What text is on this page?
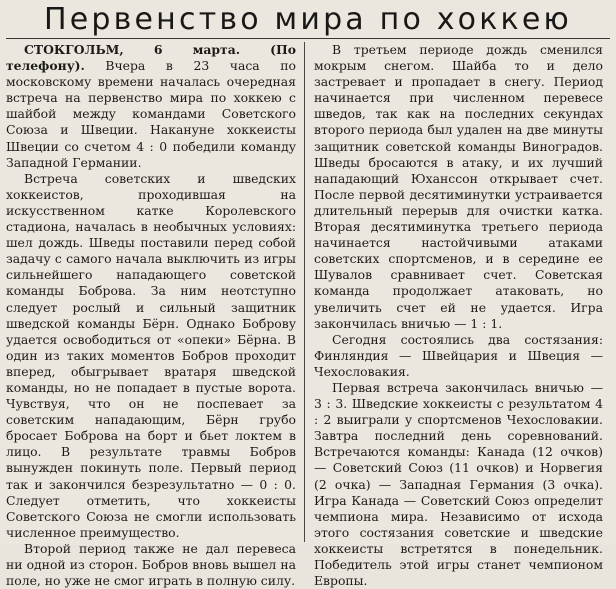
Первенство мира по хоккею

СТОКГОЛЬМ, 6 марта. (По телефону). Вчера в 23 часа по московскому времени началась очередная встреча на первенство мира по хоккею с шайбой между командами Советского Союза и Швеции. Накануне хоккеисты Швеции со счетом 4 : 0 победили команду Западной Германии.

Встреча советских и шведских хоккеистов, проходившая на искусственном катке Королевского стадиона, началась в необычных условиях: шел дождь. Шведы поставили перед собой задачу с самого начала выключить из игры сильнейшего нападающего советской команды Боброва. За ним неотступно следует рослый и сильный защитник шведской команды Бёрн. Однако Боброву удается освободиться от «опеки» Бёрна. В один из таких моментов Бобров проходит вперед, обыгрывает вратаря шведской команды, но не попадает в пустые ворота. Чувствуя, что он не поспевает за советским нападающим, Бёрн грубо бросает Боброва на борт и бьет локтем в лицо. В результате травмы Бобров вынужден покинуть поле. Первый период так и закончился безрезультатно — 0 : 0. Следует отметить, что хоккеисты Советского Союза не смогли использовать численное преимущество.

Второй период также не дал перевеса ни одной из сторон. Бобров вновь вышел на поле, но уже не смог играть в полную силу.

В третьем периоде дождь сменился мокрым снегом. Шайба то и дело застревает и пропадает в снегу. Период начинается при численном перевесе шведов, так как на последних секундах второго периода был удален на две минуты защитник советской команды Виноградов. Шведы бросаются в атаку, и их лучший нападающий Юханссон открывает счет. После первой десятиминутки устраивается длительный перерыв для очистки катка. Вторая десятиминутка третьего периода начинается настойчивыми атаками советских спортсменов, и в середине ее Шувалов сравнивает счет. Советская команда продолжает атаковать, но увеличить счет ей не удается. Игра закончилась вничью — 1 : 1.

Сегодня состоялись два состязания: Финляндия — Швейцария и Швеция — Чехословакия.

Первая встреча закончилась вничью — 3 : 3. Шведские хоккеисты с результатом 4 : 2 выиграли у спортсменов Чехословакии. Завтра последний день соревнований. Встречаются команды: Канада (12 очков) — Советский Союз (11 очков) и Норвегия (2 очка) — Западная Германия (3 очка). Игра Канада — Советский Союз определит чемпиона мира. Независимо от исхода этого состязания советские и шведские хоккеисты встретятся в понедельник. Победитель этой игры станет чемпионом Европы.
